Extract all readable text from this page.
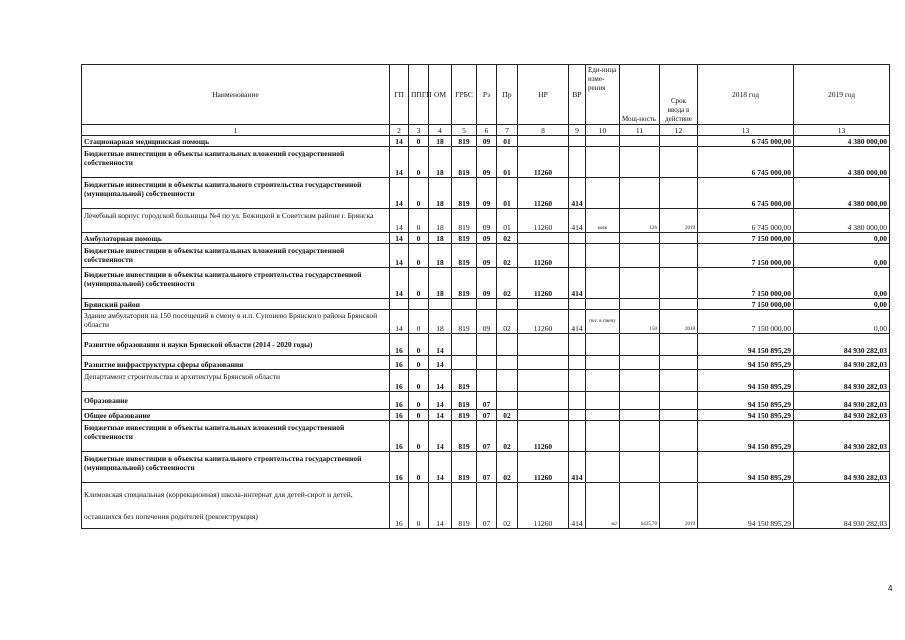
Наименование	ГП	ППГП	ОМ	ГРБС	Рз	Пр	НР	ВР	Еди-ница изме-рения	Мощ-ность	Срок ввода в действие	2018 год	2019 год
1	2	3	4	5	6	7	8	9	10	11	12	13	13
Стационарная медицинская помощь	14	0	18	819	09	01						6 745 000,00	4 380 000,00
Бюджетные инвестиции в объекты капитальных вложений государственной собственности	14	0	18	819	09	01	11260					6 745 000,00	4 380 000,00
Бюджетные инвестиции в объекты капитального строительства государственной (муниципальной) собственности	14	0	18	819	09	01	11260	414				6 745 000,00	4 380 000,00
Лечебный корпус городской больницы №4 по ул. Бежицкой в Советском районе г. Брянска	14	0	18	819	09	01	11260	414	коек	126	2019	6 745 000,00	4 380 000,00
Амбулаторная помощь	14	0	18	819	09	02						7 150 000,00	0,00
Бюджетные инвестиции в объекты капитальных вложений государственной собственности	14	0	18	819	09	02	11260					7 150 000,00	0,00
Бюджетные инвестиции в объекты капитального строительства государственной (муниципальной) собственности	14	0	18	819	09	02	11260	414				7 150 000,00	0,00
Брянский район												7 150 000,00	0,00
Здание амбулатории на 150 посещений в смену в н.п. Супонево Брянского района Брянской области	14	0	18	819	09	02	11260	414	пос. в смену	150	2018	7 150 000,00	0,00
Развитие образования и науки Брянской области (2014 - 2020 годы)	16	0	14									94 150 895,29	84 930 282,03
Развитие инфраструктуры сферы образования	16	0	14									94 150 895,29	84 930 282,03
Департамент строительства и архитектуры Брянской области	16	0	14	819								94 150 895,29	84 930 282,03
Образование	16	0	14	819	07							94 150 895,29	84 930 282,03
Общее образование	16	0	14	819	07	02						94 150 895,29	84 930 282,03
Бюджетные инвестиции в объекты капитальных вложений государственной собственности	16	0	14	819	07	02	11260					94 150 895,29	84 930 282,03
Бюджетные инвестиции в объекты капитального строительства государственной (муниципальной) собственности	16	0	14	819	07	02	11260	414				94 150 895,29	84 930 282,03
Климовская специальная (коррекционная) школа-интернат для детей-сирот и детей, оставшихся без попечения родителей (реконструкция)	16	0	14	819	07	02	11260	414	м2	6435,70	2019	94 150 895,29	84 930 282,03
4
